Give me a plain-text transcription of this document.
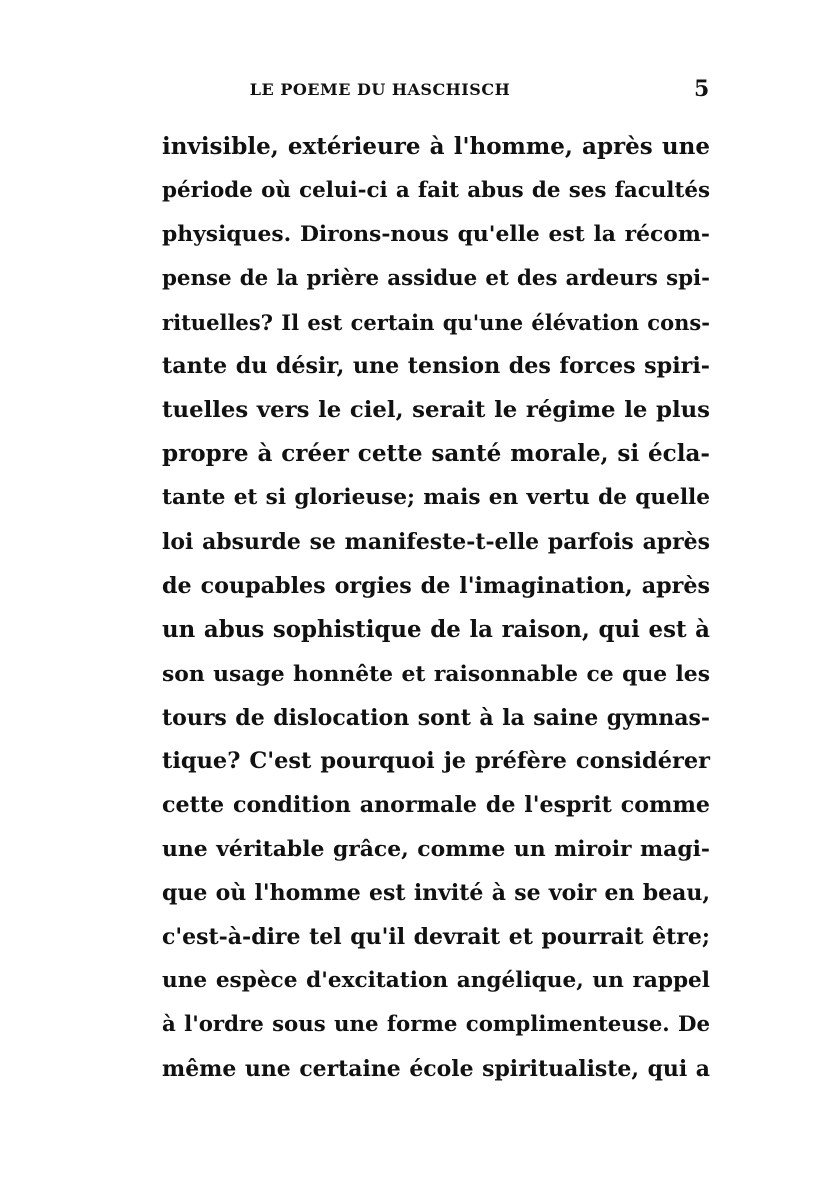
LE POEME DU HASCHISCH	5
invisible, extérieure à l'homme, après une
période où celui-ci a fait abus de ses facultés
physiques. Dirons-nous qu'elle est la récom-
pense de la prière assidue et des ardeurs spi-
rituelles? Il est certain qu'une élévation cons-
tante du désir, une tension des forces spiri-
tuelles vers le ciel, serait le régime le plus
propre à créer cette santé morale, si écla-
tante et si glorieuse; mais en vertu de quelle
loi absurde se manifeste-t-elle parfois après
de coupables orgies de l'imagination, après
un abus sophistique de la raison, qui est à
son usage honnête et raisonnable ce que les
tours de dislocation sont à la saine gymnas-
tique? C'est pourquoi je préfère considérer
cette condition anormale de l'esprit comme
une véritable grâce, comme un miroir magi-
que où l'homme est invité à se voir en beau,
c'est-à-dire tel qu'il devrait et pourrait être;
une espèce d'excitation angélique, un rappel
à l'ordre sous une forme complimenteuse. De
même une certaine école spiritualiste, qui a
